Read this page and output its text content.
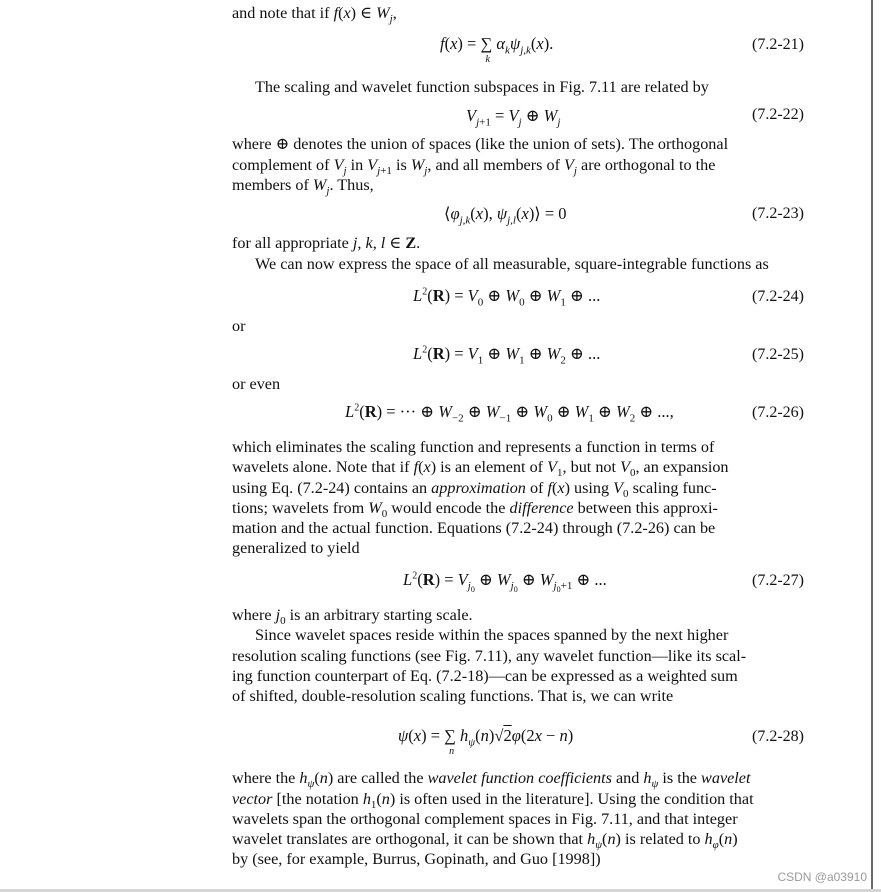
and note that if f(x) ∈ $W_j$,
f(x) = ∑
k
$\alpha_k\psi_{j,k}(x)$.	(7.2-21)
The scaling and wavelet function subspaces in Fig. 7.11 are related by
$V_{j+1} = V_j$ ⊕ $W_j$	(7.2-22)
where ⊕ denotes the union of spaces (like the union of sets). The orthogonal
complement of $V_j$ in $V_{j+1}$ is $W_j$, and all members of $V_j$ are orthogonal to the
members of $W_j$. Thus,
$⟨\varphi_{j,k}(x)$, $\psi_{j,l}(x)⟩ = 0$	(7.2-23)
for all appropriate j, k, l ∈ Z.
We can now express the space of all measurable, square-integrable functions as
$L^2(R) = V_0$ ⊕ $W_0$ ⊕ $W_1$ ⊕ ...	(7.2-24)
or
$L^2(R) = V_1$ ⊕ $W_1$ ⊕ $W_2$ ⊕ ...	(7.2-25)
or even
$L^2(R)$ = ··· ⊕ $W_{-2}$ ⊕ $W_{-1}$ ⊕ $W_0$ ⊕ $W_1$ ⊕ $W_2$ ⊕ ...,	(7.2-26)
which eliminates the scaling function and represents a function in terms of
wavelets alone. Note that if f(x) is an element of $V_1$, but not $V_0$, an expansion
using Eq. (7.2-24) contains an approximation of f(x) using $V_0$ scaling func-
tions; wavelets from $W_0$ would encode the difference between this approxi-
mation and the actual function. Equations (7.2-24) through (7.2-26) can be
generalized to yield
$L^2(R) = V_{j_0}$ ⊕ $W_{j_0}$ ⊕ $W_{j_0+1}$ ⊕ ...	(7.2-27)
where $j_0$ is an arbitrary starting scale.
Since wavelet spaces reside within the spaces spanned by the next higher
resolution scaling functions (see Fig. 7.11), any wavelet function—like its scal-
ing function counterpart of Eq. (7.2-18)—can be expressed as a weighted sum
of shifted, double-resolution scaling functions. That is, we can write
ψ(x) = ∑
n
$h_\psi(n)√2\varphi(2x - n)$	(7.2-28)
where the $h_\psi(n)$ are called the wavelet function coefficients and $h_\psi$ is the wavelet
vector [the notation $h_1(n)$ is often used in the literature]. Using the condition that
wavelets span the orthogonal complement spaces in Fig. 7.11, and that integer
wavelet translates are orthogonal, it can be shown that $h_\psi(n)$ is related to $h_\varphi(n)$
by (see, for example, Burrus, Gopinath, and Guo [1998])
CSDN @a03910
